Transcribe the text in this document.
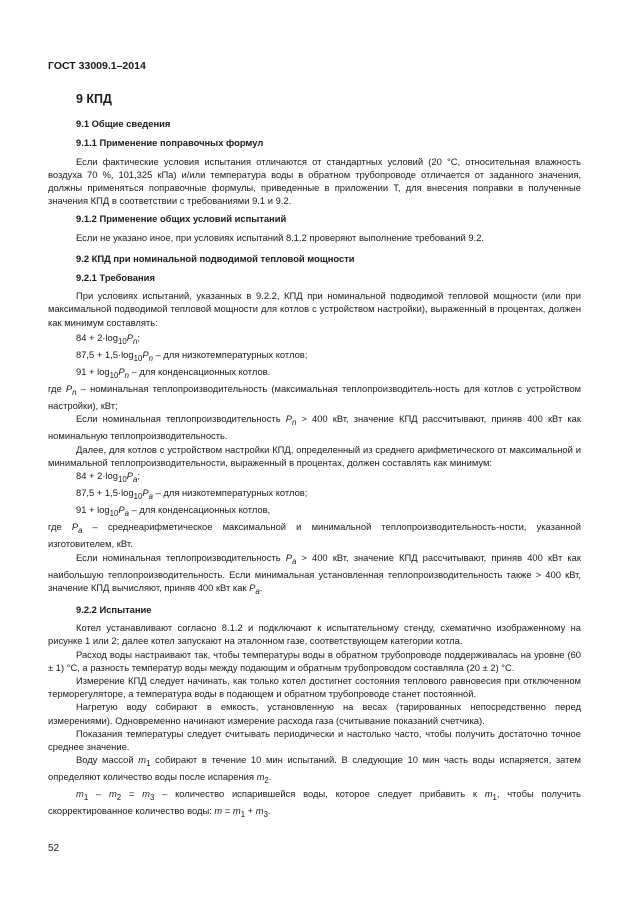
ГОСТ 33009.1–2014

9 КПД

9.1 Общие сведения

9.1.1 Применение поправочных формул

Если фактические условия испытания отличаются от стандартных условий (20 °С, относительная влажность воздуха 70 %, 101,325 кПа) и/или температура воды в обратном трубопроводе отличается от заданного значения, должны применяться поправочные формулы, приведенные в приложении Т, для внесения поправки в полученные значения КПД в соответствии с требованиями 9.1 и 9.2.

9.1.2 Применение общих условий испытаний

Если не указано иное, при условиях испытаний 8.1.2 проверяют выполнение требований 9.2.

9.2 КПД при номинальной подводимой тепловой мощности

9.2.1 Требования

При условиях испытаний, указанных в 9.2.2, КПД при номинальной подводимой тепловой мощности (или при максимальной подводимой тепловой мощности для котлов с устройством настройки), выраженный в процентах, должен как минимум составлять:

$84 + 2\cdot\log_{10}P_n$;

$87,5 + 1,5\cdot\log_{10}P_n$ – для низкотемпературных котлов;

$91 + \log_{10}P_n$ – для конденсационных котлов.

где $P_n$ – номинальная теплопроизводительность (максимальная теплопроизводитель-ность для котлов с устройством настройки), кВт;

Если номинальная теплопроизводительность $P_n > 400$ кВт, значение КПД рассчитывают, приняв 400 кВт как номинальную теплопроизводительность.

Далее, для котлов с устройством настройки КПД, определенный из среднего арифметического от максимальной и минимальной теплопроизводительности, выраженный в процентах, должен составлять как минимум:

$84 + 2\cdot\log_{10}P_a$;

$87,5 + 1,5\cdot\log_{10}P_a$ – для низкотемпературных котлов;

$91 + \log_{10}P_a$ – для конденсационных котлов,

где $P_a$ – среднеарифметическое максимальной и минимальной теплопроизводительность-ности, указанной изготовителем, кВт.

Если номинальная теплопроизводительность $P_a > 400$ кВт, значение КПД рассчитывают, приняв 400 кВт как наибольшую теплопроизводительность. Если минимальная установленная теплопроизводительность также > 400 кВт, значение КПД вычисляют, приняв 400 кВт как $P_a$.

9.2.2 Испытание

Котел устанавливают согласно 8.1.2 и подключают к испытательному стенду, схематично изображенному на рисунке 1 или 2; далее котел запускают на эталонном газе, соответствующем категории котла.

Расход воды настраивают так, чтобы температуры воды в обратном трубопроводе поддерживалась на уровне (60 ± 1) °С, а разность температур воды между подающим и обратным трубопроводом составляла (20 ± 2) °С.

Измерение КПД следует начинать, как только котел достигнет состояния теплового равновесия при отключенном терморегуляторе, а температура воды в подающем и обратном трубопроводе станет постоянной.

Нагретую воду собирают в емкость, установленную на весах (тарированных непосредственно перед измерениями). Одновременно начинают измерение расхода газа (считывание показаний счетчика).

Показания температуры следует считывать периодически и настолько часто, чтобы получить достаточно точное среднее значение.

Воду массой $m_1$ собирают в течение 10 мин испытаний. В следующие 10 мин часть воды испаряется, затем определяют количество воды после испарения $m_2$.

$m_1 - m_2 = m_3$ – количество испарившейся воды, которое следует прибавить к $m_1$, чтобы получить скорректированное количество воды: $m = m_1 + m_3$.

52
